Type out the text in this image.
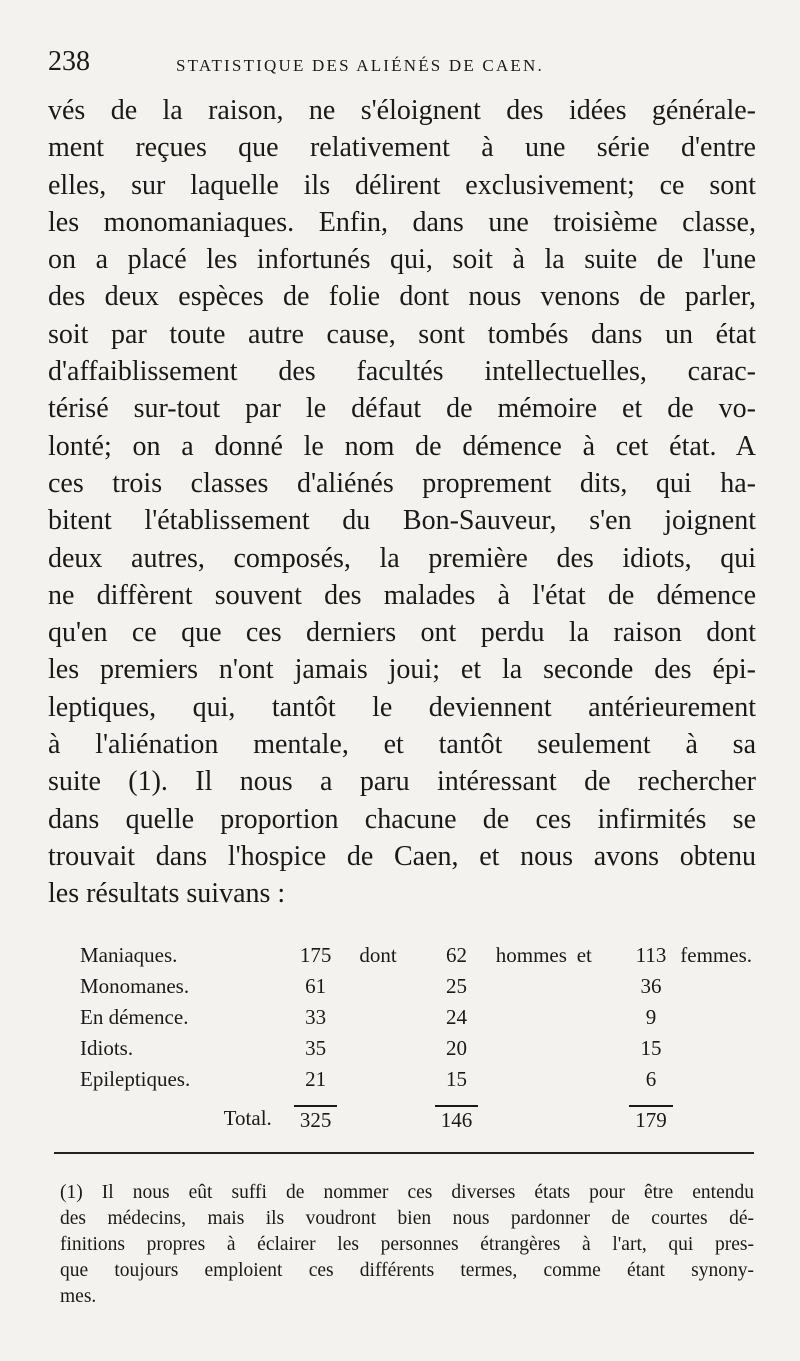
238	STATISTIQUE DES ALIÉNÉS DE CAEN.
vés de la raison, ne s'éloignent des idées générale-
ment reçues que relativement à une série d'entre
elles, sur laquelle ils délirent exclusivement; ce sont
les monomaniaques. Enfin, dans une troisième classe,
on a placé les infortunés qui, soit à la suite de l'une
des deux espèces de folie dont nous venons de parler,
soit par toute autre cause, sont tombés dans un état
d'affaiblissement des facultés intellectuelles, carac-
térisé sur-tout par le défaut de mémoire et de vo-
lonté; on a donné le nom de démence à cet état. A
ces trois classes d'aliénés proprement dits, qui ha-
bitent l'établissement du Bon-Sauveur, s'en joignent
deux autres, composés, la première des idiots, qui
ne diffèrent souvent des malades à l'état de démence
qu'en ce que ces derniers ont perdu la raison dont
les premiers n'ont jamais joui; et la seconde des épi-
leptiques, qui, tantôt le deviennent antérieurement
à l'aliénation mentale, et tantôt seulement à sa
suite (1). Il nous a paru intéressant de rechercher
dans quelle proportion chacune de ces infirmités se
trouvait dans l'hospice de Caen, et nous avons obtenu
les résultats suivans :
Maniaques.	175	dont	62	hommes	et	113	femmes.
Monomanes.	61		25			36	
En démence.	33		24			9	
Idiots.	35		20			15	
Epileptiques.	21		15			6	
Total.	325		146			179	
(1) Il nous eût suffi de nommer ces diverses états pour être entendu
des médecins, mais ils voudront bien nous pardonner de courtes dé-
finitions propres à éclairer les personnes étrangères à l'art, qui pres-
que toujours emploient ces différents termes, comme étant synony-
mes.
